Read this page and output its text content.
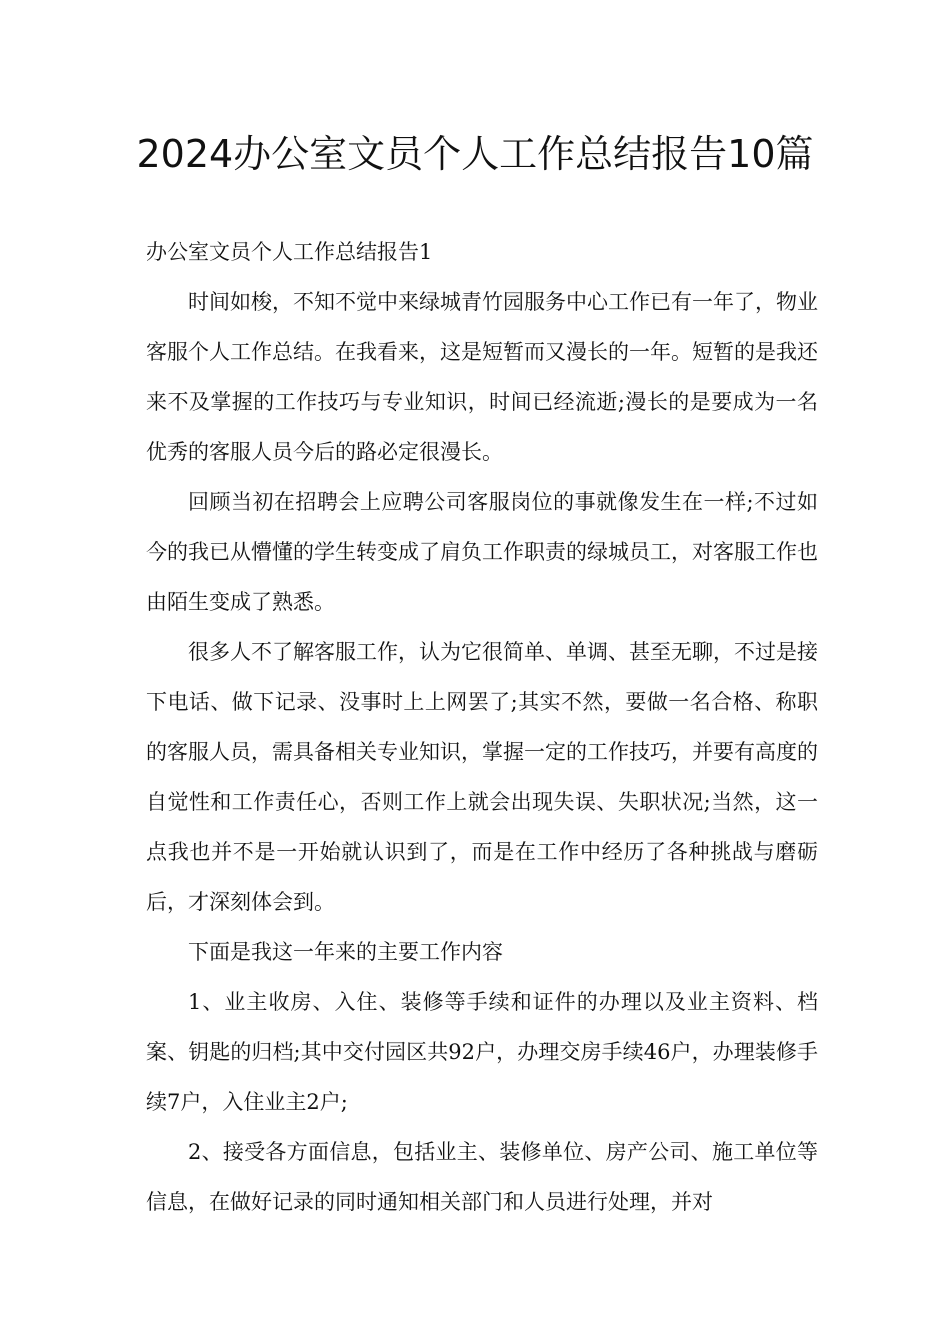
2024办公室文员个人工作总结报告10篇

办公室文员个人工作总结报告1

时间如梭，不知不觉中来绿城青竹园服务中心工作已有一年了，物业客服个人工作总结。在我看来，这是短暂而又漫长的一年。短暂的是我还来不及掌握的工作技巧与专业知识，时间已经流逝;漫长的是要成为一名优秀的客服人员今后的路必定很漫长。

回顾当初在招聘会上应聘公司客服岗位的事就像发生在一样;不过如今的我已从懵懂的学生转变成了肩负工作职责的绿城员工，对客服工作也由陌生变成了熟悉。

很多人不了解客服工作，认为它很简单、单调、甚至无聊，不过是接下电话、做下记录、没事时上上网罢了;其实不然，要做一名合格、称职的客服人员，需具备相关专业知识，掌握一定的工作技巧，并要有高度的自觉性和工作责任心，否则工作上就会出现失误、失职状况;当然，这一点我也并不是一开始就认识到了，而是在工作中经历了各种挑战与磨砺后，才深刻体会到。

下面是我这一年来的主要工作内容

1、业主收房、入住、装修等手续和证件的办理以及业主资料、档案、钥匙的归档;其中交付园区共92户，办理交房手续46户，办理装修手续7户，入住业主2户;

2、接受各方面信息，包括业主、装修单位、房产公司、施工单位等信息，在做好记录的同时通知相关部门和人员进行处理，并对
